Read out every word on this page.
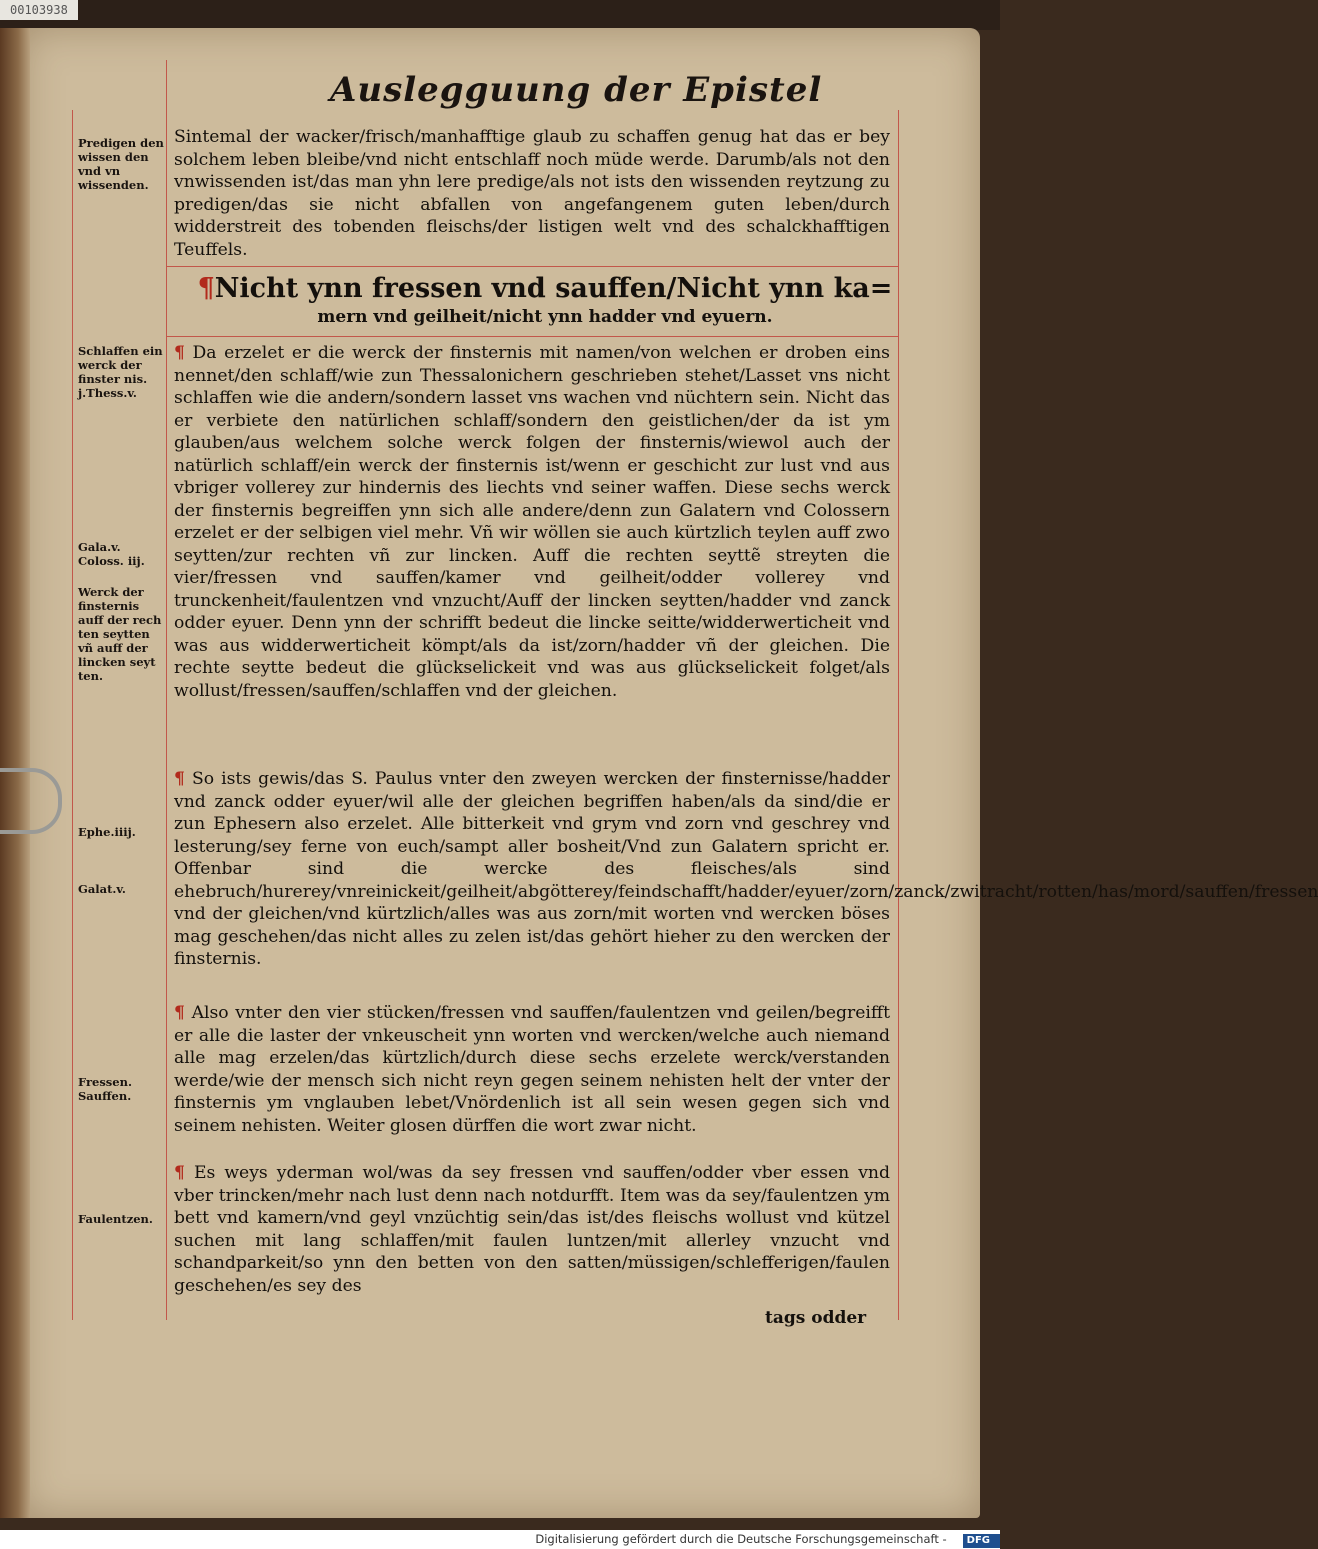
00103938
Auslegguung der Epistel

Predigen den wissen den vnd vn wissenden.

Schlaffen ein werck der finster nis. j.Thess.v.

Gala.v. Coloss. iij.

Werck der finsternis auff der rech ten seytten vñ auff der lincken seyt ten.

Ephe.iiij.

Galat.v.

Fressen. Sauffen.

Faulentzen.

Sintemal der wacker/frisch/manhafftige glaub zu schaffen genug hat das er bey solchem leben bleibe/vnd nicht entschlaff noch müde werde. Darumb/als not den vnwissenden ist/das man yhn lere predige/als not ists den wissenden reytzung zu predigen/das sie nicht abfallen von angefangenem guten leben/durch widderstreit des tobenden fleischs/der listigen welt vnd des schalckhafftigen Teuffels.

¶Nicht ynn fressen vnd sauffen/Nicht ynn ka=
mern vnd geilheit/nicht ynn hadder vnd eyuern.

¶ Da erzelet er die werck der finsternis mit namen/von welchen er droben eins nennet/den schlaff/wie zun Thessalonichern geschrieben stehet/Lasset vns nicht schlaffen wie die andern/sondern lasset vns wachen vnd nüchtern sein. Nicht das er verbiete den natürlichen schlaff/sondern den geistlichen/der da ist ym glauben/aus welchem solche werck folgen der finsternis/wiewol auch der natürlich schlaff/ein werck der finsternis ist/wenn er geschicht zur lust vnd aus vbriger vollerey zur hindernis des liechts vnd seiner waffen. Diese sechs werck der finsternis begreiffen ynn sich alle andere/denn zun Galatern vnd Colossern erzelet er der selbigen viel mehr. Vñ wir wöllen sie auch kürtzlich teylen auff zwo seytten/zur rechten vñ zur lincken. Auff die rechten seyttẽ streyten die vier/fressen vnd sauffen/kamer vnd geilheit/odder vollerey vnd trunckenheit/faulentzen vnd vnzucht/Auff der lincken seytten/hadder vnd zanck odder eyuer. Denn ynn der schrifft bedeut die lincke seitte/widderwerticheit vnd was aus widderwerticheit kömpt/als da ist/zorn/hadder vñ der gleichen. Die rechte seytte bedeut die glückselickeit vnd was aus glückselickeit folget/als wollust/fressen/sauffen/schlaffen vnd der gleichen.

¶ So ists gewis/das S. Paulus vnter den zweyen wercken der finsternisse/hadder vnd zanck odder eyuer/wil alle der gleichen begriffen haben/als da sind/die er zun Ephesern also erzelet. Alle bitterkeit vnd grym vnd zorn vnd geschrey vnd lesterung/sey ferne von euch/sampt aller bosheit/Vnd zun Galatern spricht er. Offenbar sind die wercke des fleisches/als sind ehebruch/hurerey/vnreinickeit/geilheit/abgötterey/feindschafft/hadder/eyuer/zorn/zanck/zwitracht/rotten/has/mord/sauffen/fressen vnd der gleichen/vnd kürtzlich/alles was aus zorn/mit worten vnd wercken böses mag geschehen/das nicht alles zu zelen ist/das gehört hieher zu den wercken der finsternis.

¶ Also vnter den vier stücken/fressen vnd sauffen/faulentzen vnd geilen/begreifft er alle die laster der vnkeuscheit ynn worten vnd wercken/welche auch niemand alle mag erzelen/das kürtzlich/durch diese sechs erzelete werck/verstanden werde/wie der mensch sich nicht reyn gegen seinem nehisten helt der vnter der finsternis ym vnglauben lebet/Vnördenlich ist all sein wesen gegen sich vnd seinem nehisten. Weiter glosen dürffen die wort zwar nicht.

¶ Es weys yderman wol/was da sey fressen vnd sauffen/odder vber essen vnd vber trincken/mehr nach lust denn nach notdurfft. Item was da sey/faulentzen ym bett vnd kamern/vnd geyl vnzüchtig sein/das ist/des fleischs wollust vnd kützel suchen mit lang schlaffen/mit faulen luntzen/mit allerley vnzucht vnd schandparkeit/so ynn den betten von den satten/müssigen/schlefferigen/faulen geschehen/es sey des

tags odder
Digitalisierung gefördert durch die Deutsche Forschungsgemeinschaft - DFG
